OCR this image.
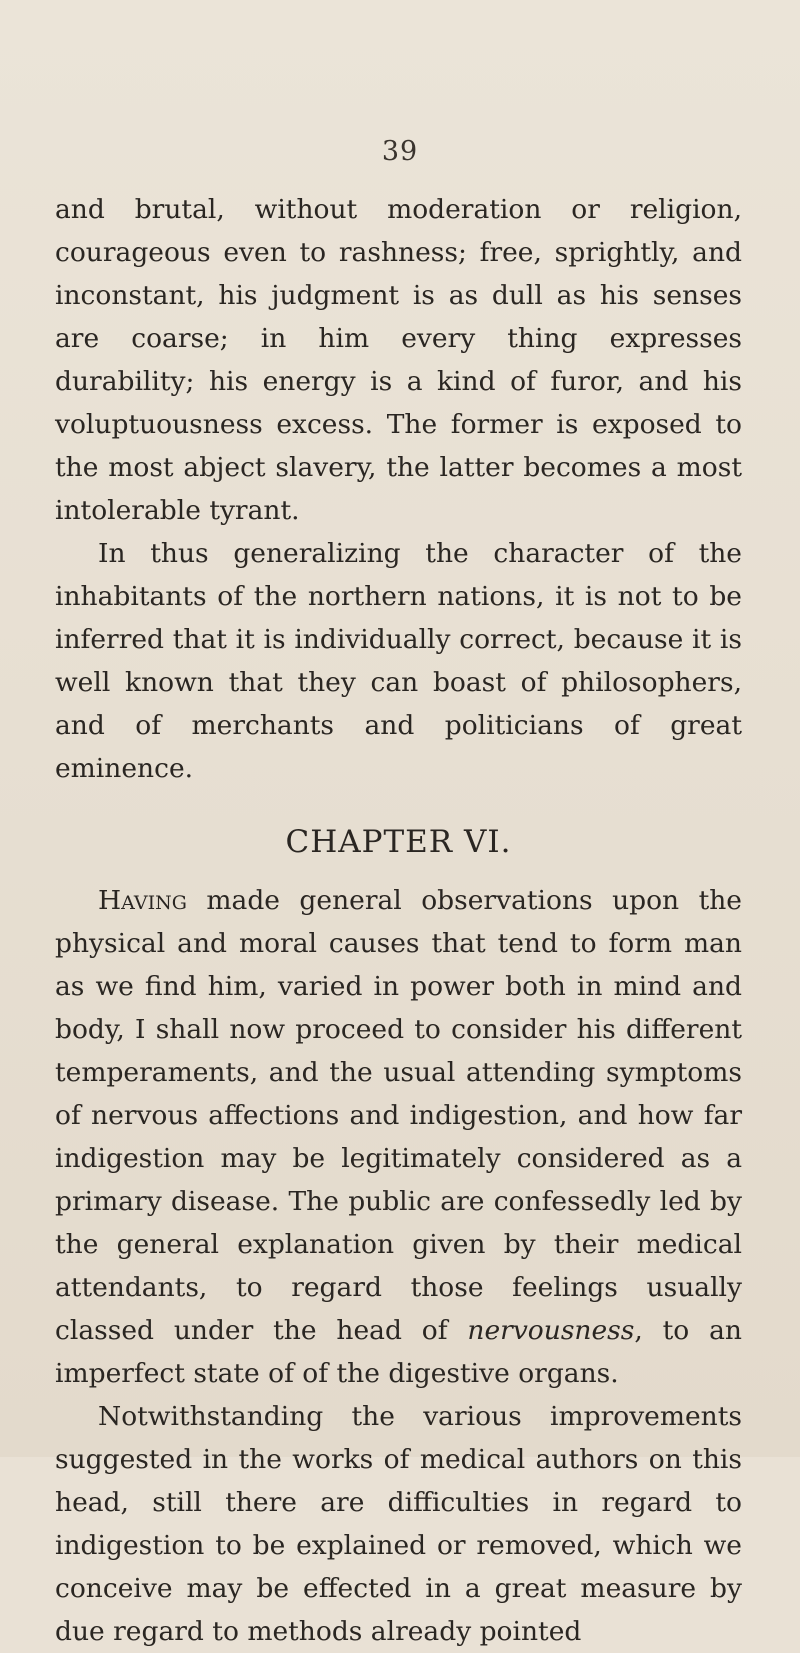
39

and brutal, without moderation or religion, courageous even to rashness; free, sprightly, and inconstant, his judgment is as dull as his senses are coarse; in him every thing expresses durability; his energy is a kind of furor, and his voluptuousness excess. The former is exposed to the most abject slavery, the latter becomes a most intolerable tyrant.

In thus generalizing the character of the inhabitants of the northern nations, it is not to be inferred that it is individually correct, because it is well known that they can boast of philosophers, and of merchants and politicians of great eminence.

CHAPTER VI.

Having made general observations upon the physical and moral causes that tend to form man as we find him, varied in power both in mind and body, I shall now proceed to consider his different temperaments, and the usual attending symptoms of nervous affections and indigestion, and how far indigestion may be legitimately considered as a primary disease. The public are confessedly led by the general explanation given by their medical attendants, to regard those feelings usually classed under the head of nervousness, to an imperfect state of of the digestive organs.

Notwithstanding the various improvements suggested in the works of medical authors on this head, still there are difficulties in regard to indigestion to be explained or removed, which we conceive may be effected in a great measure by due regard to methods already pointed
